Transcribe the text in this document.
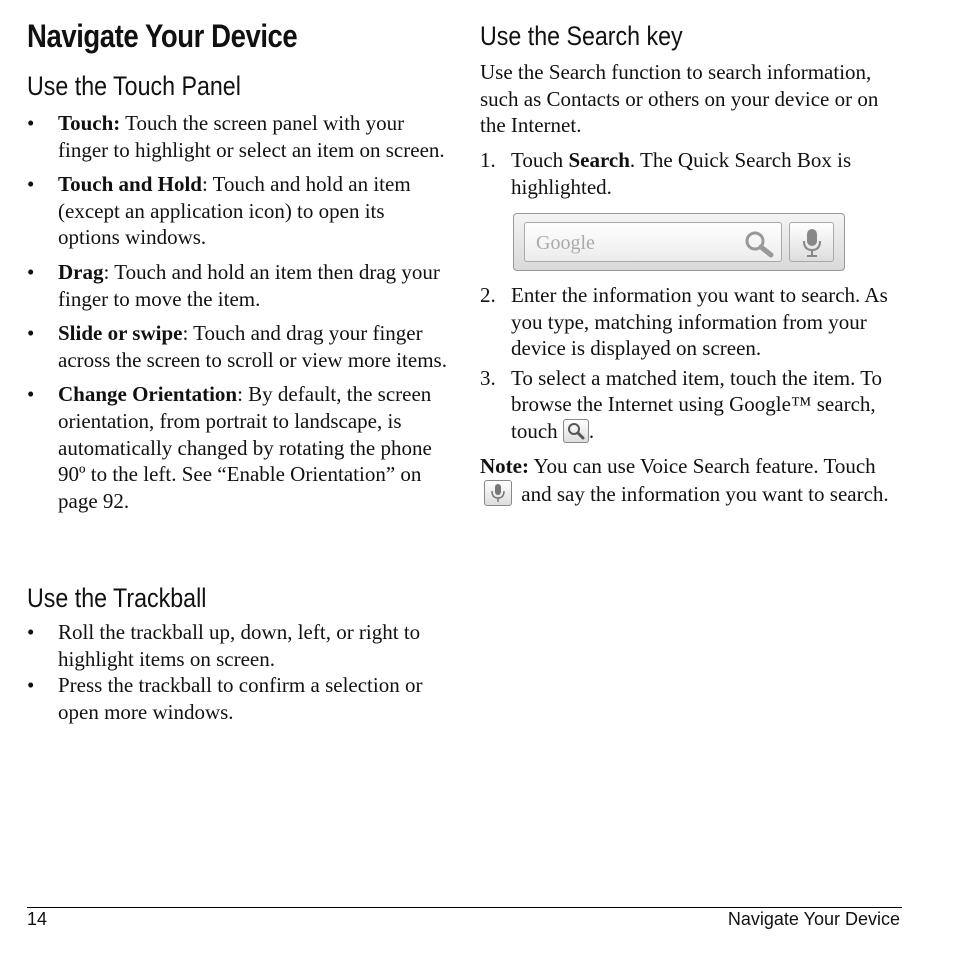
Navigate Your Device
Use the Touch Panel
•	Touch: Touch the screen panel with your finger to highlight or select an item on screen.
•	Touch and Hold: Touch and hold an item (except an application icon) to open its options windows.
•	Drag: Touch and hold an item then drag your finger to move the item.
•	Slide or swipe: Touch and drag your finger across the screen to scroll or view more items.
•	Change Orientation: By default, the screen orientation, from portrait to landscape, is automatically changed by rotating the phone 90º to the left. See “Enable Orientation” on page 92.
Use the Trackball
•	Roll the trackball up, down, left, or right to highlight items on screen.
•	Press the trackball to confirm a selection or open more windows.
Use the Search key
Use the Search function to search information, such as Contacts or others on your device or on the Internet.
1. Touch Search. The Quick Search Box is highlighted.
Google
2. Enter the information you want to search. As you type, matching information from your device is displayed on screen.
3. To select a matched item, touch the item. To browse the Internet using Google™ search, touch
.
Note: You can use Voice Search feature. Touch
and say the information you want to search.
14	Navigate Your Device
